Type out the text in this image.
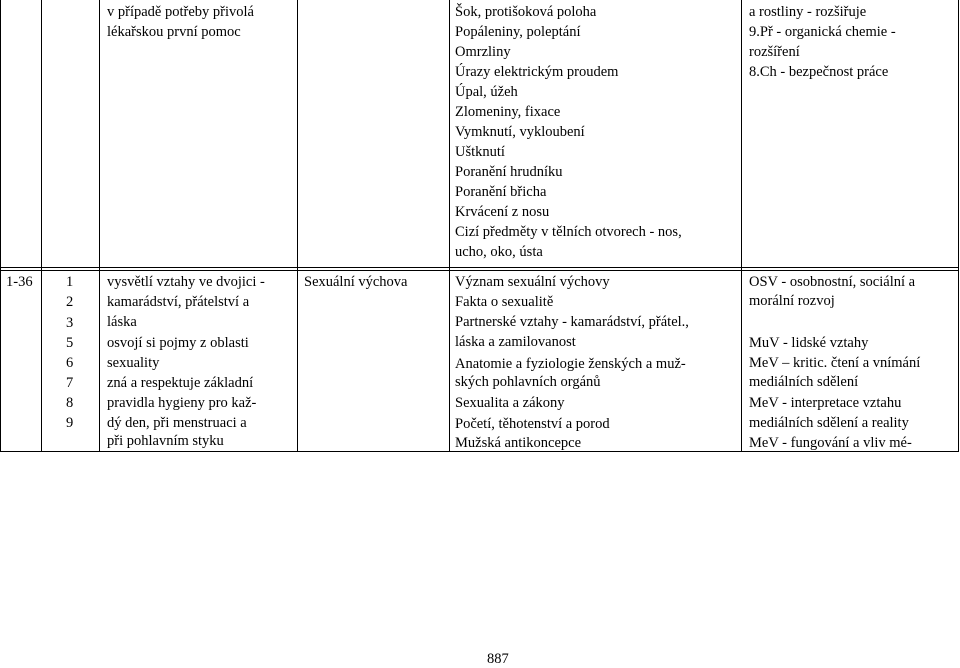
v případě potřeby přivolá
lékařskou první pomoc
Šok, protišoková poloha
Popáleniny, poleptání
Omrzliny
Úrazy elektrickým proudem
Úpal, úžeh
Zlomeniny, fixace
Vymknutí, vykloubení
Uštknutí
Poranění hrudníku
Poranění břicha
Krvácení z nosu
Cizí předměty v tělních otvorech - nos,
ucho, oko, ústa
a rostliny - rozšiřuje
9.Př - organická chemie -
rozšíření
8.Ch - bezpečnost práce
1-36 1
2
3
5
6
7
8
9
vysvětlí vztahy ve dvojici -
kamarádství, přátelství a
láska
osvojí si pojmy z oblasti
sexuality
zná a respektuje základní
pravidla hygieny pro kaž-
dý den, při menstruaci a
při pohlavním styku
Sexuální výchova	Význam sexuální výchovy
Fakta o sexualitě
Partnerské vztahy - kamarádství, přátel.,
láska a zamilovanost
Anatomie a fyziologie ženských a muž-
ských pohlavních orgánů
Sexualita a zákony
Početí, těhotenství a porod
Mužská antikoncepce
OSV - osobnostní, sociální a
morální rozvoj
MuV - lidské vztahy
MeV – kritic. čtení a vnímání
mediálních sdělení
MeV - interpretace vztahu
mediálních sdělení a reality
MeV - fungování a vliv mé-
887
